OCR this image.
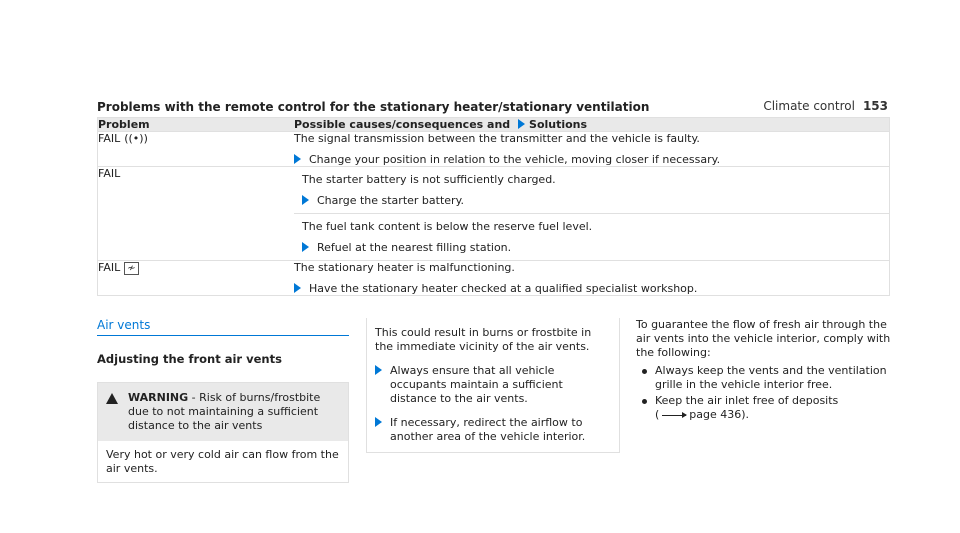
Climate control 153
Problems with the remote control for the stationary heater/stationary ventilation
Problem	Possible causes/consequences and Solutions
FAIL ((•))	The signal transmission between the transmitter and the vehicle is faulty.
Change your position in relation to the vehicle, moving closer if necessary.

FAIL	The starter battery is not sufficiently charged.
Charge the starter battery.
The fuel tank content is below the reserve fuel level.
Refuel at the nearest filling station.

FAIL ≁	The stationary heater is malfunctioning.
Have the stationary heater checked at a qualified specialist workshop.
Air vents
Adjusting the front air vents
WARNING - Risk of burns/frostbite due to not maintaining a sufficient distance to the air vents
Very hot or very cold air can flow from the air vents.
This could result in burns or frostbite in the immediate vicinity of the air vents.
Always ensure that all vehicle occupants maintain a sufficient distance to the air vents.
If necessary, redirect the airflow to another area of the vehicle interior.
To guarantee the flow of fresh air through the air vents into the vehicle interior, comply with the following:
Always keep the vents and the ventilation grille in the vehicle interior free.
Keep the air inlet free of deposits
(	page 436).
